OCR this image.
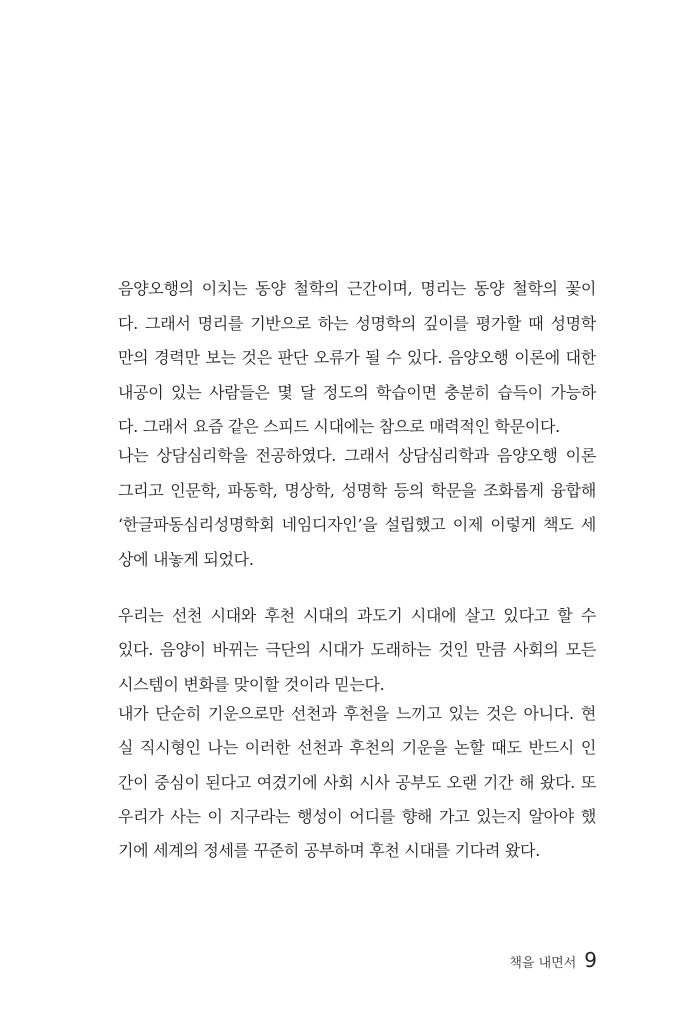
음양오행의 이치는 동양 철학의 근간이며, 명리는 동양 철학의 꽃이
다. 그래서 명리를 기반으로 하는 성명학의 깊이를 평가할 때 성명학
만의 경력만 보는 것은 판단 오류가 될 수 있다. 음양오행 이론에 대한
내공이 있는 사람들은 몇 달 정도의 학습이면 충분히 습득이 가능하
다. 그래서 요즘 같은 스피드 시대에는 참으로 매력적인 학문이다.
나는 상담심리학을 전공하였다. 그래서 상담심리학과 음양오행 이론
그리고 인문학, 파동학, 명상학, 성명학 등의 학문을 조화롭게 융합해
‘한글파동심리성명학회 네임디자인’을 설립했고 이제 이렇게 책도 세
상에 내놓게 되었다.
우리는 선천 시대와 후천 시대의 과도기 시대에 살고 있다고 할 수
있다. 음양이 바뀌는 극단의 시대가 도래하는 것인 만큼 사회의 모든
시스템이 변화를 맞이할 것이라 믿는다.
내가 단순히 기운으로만 선천과 후천을 느끼고 있는 것은 아니다. 현
실 직시형인 나는 이러한 선천과 후천의 기운을 논할 때도 반드시 인
간이 중심이 된다고 여겼기에 사회 시사 공부도 오랜 기간 해 왔다. 또
우리가 사는 이 지구라는 행성이 어디를 향해 가고 있는지 알아야 했
기에 세계의 정세를 꾸준히 공부하며 후천 시대를 기다려 왔다.
책을 내면서 9
